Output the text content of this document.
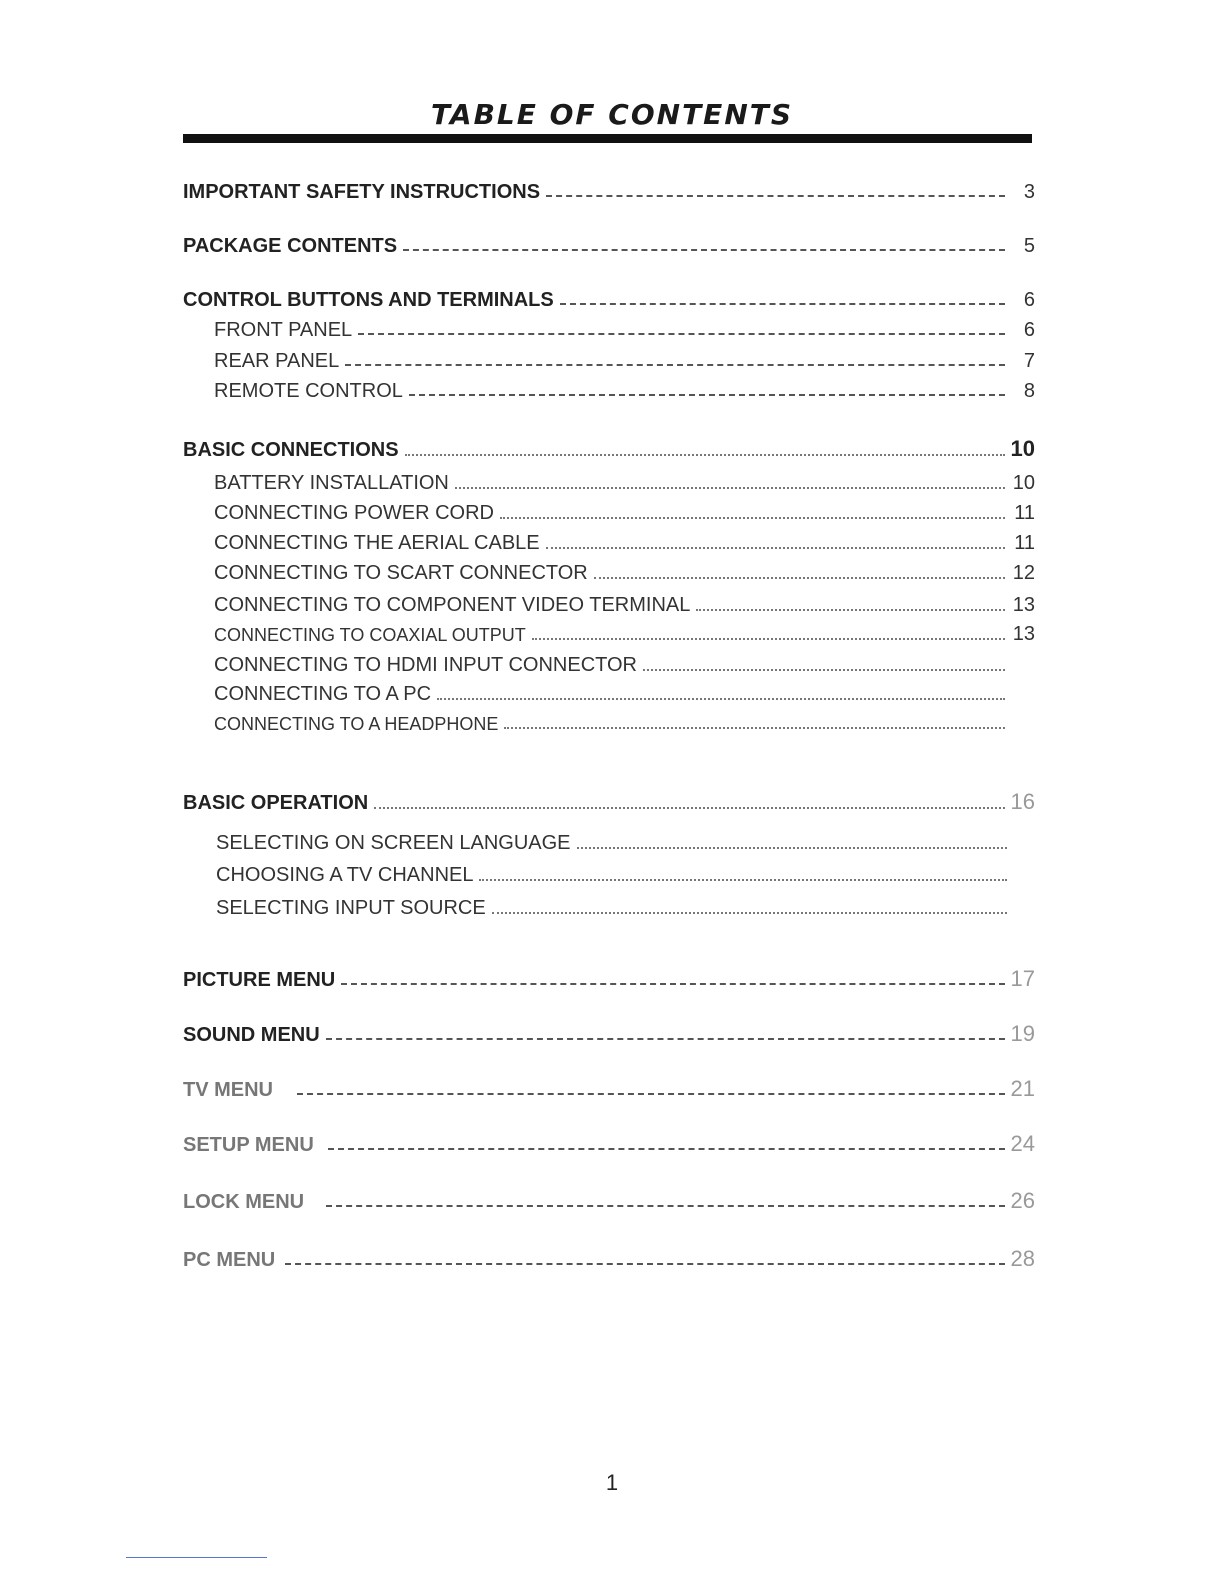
TABLE OF CONTENTS
IMPORTANT SAFETY INSTRUCTIONS	3
PACKAGE CONTENTS	5
CONTROL BUTTONS AND TERMINALS	6
FRONT PANEL	6
REAR PANEL	7
REMOTE CONTROL	8
BASIC CONNECTIONS	10
BATTERY INSTALLATION	10
CONNECTING POWER CORD	11
CONNECTING THE AERIAL CABLE	11
CONNECTING TO SCART CONNECTOR	12
CONNECTING TO COMPONENT VIDEO TERMINAL	13
CONNECTING TO COAXIAL OUTPUT	13
CONNECTING TO HDMI INPUT CONNECTOR
CONNECTING TO A PC
CONNECTING TO A HEADPHONE
BASIC OPERATION	16
SELECTING ON SCREEN LANGUAGE
CHOOSING A TV CHANNEL
SELECTING INPUT SOURCE
PICTURE MENU	17
SOUND MENU	19
TV MENU	21
SETUP MENU	24
LOCK MENU	26
PC MENU	28
1
